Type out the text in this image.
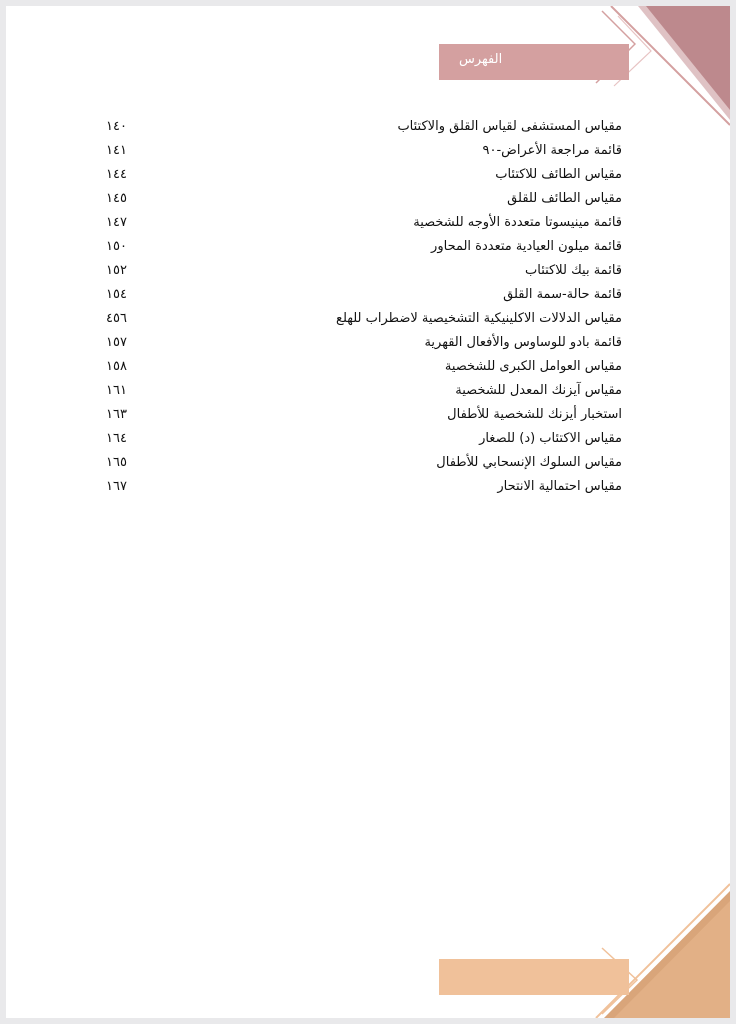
الفهرس
مقياس المستشفى لقياس القلق والاكتئاب
١٤٠
قائمة مراجعة الأعراض-٩٠
١٤١
مقياس الطائف للاكتئاب
١٤٤
مقياس الطائف للقلق
١٤٥
قائمة مينيسوتا متعددة الأوجه للشخصية
١٤٧
قائمة ميلون العيادية متعددة المحاور
١٥٠
قائمة بيك للاكتئاب
١٥٢
قائمة حالة-سمة القلق
١٥٤
مقياس الدلالات الاكلينيكية التشخيصية لاضطراب للهلع
٤٥٦
قائمة بادو للوساوس والأفعال القهرية
١٥٧
مقياس العوامل الكبرى للشخصية
١٥٨
مقياس آيزنك المعدل للشخصية
١٦١
استخبار أيزنك للشخصية للأطفال
١٦٣
مقياس الاكتئاب (د) للصغار
١٦٤
مقياس السلوك الإنسحابي للأطفال
١٦٥
مقياس احتمالية الانتحار
١٦٧
